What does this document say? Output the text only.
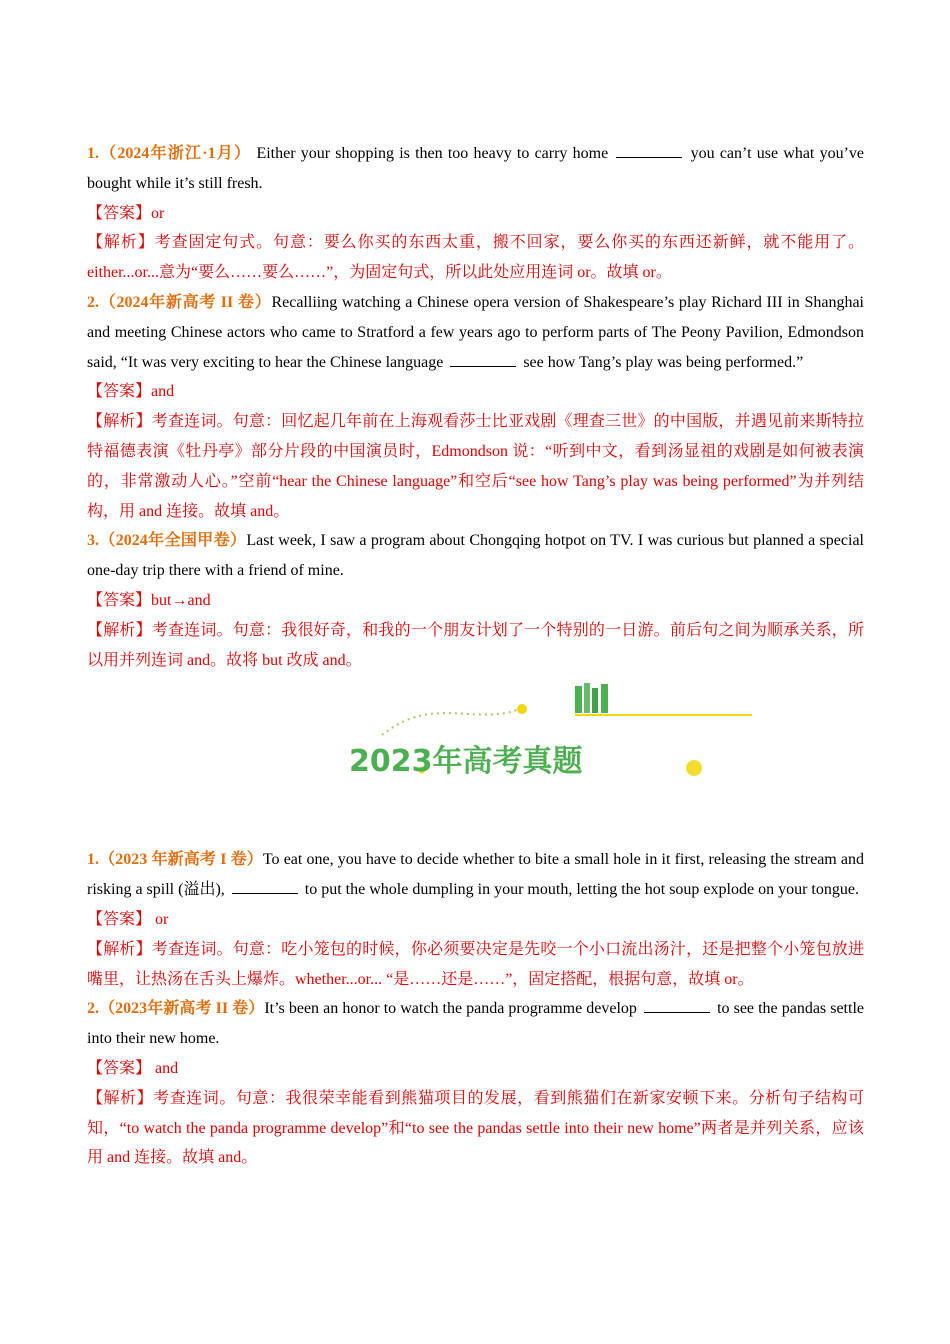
1.（2024年浙江·1月） Either your shopping is then too heavy to carry home	you can’t use what you’ve bought while it’s still fresh.

【答案】or

【解析】考查固定句式。句意：要么你买的东西太重，搬不回家，要么你买的东西还新鲜，就不能用了。either...or...意为“要么……要么……”，为固定句式，所以此处应用连词 or。故填 or。

2.（2024年新高考 II 卷）Recalliing watching a Chinese opera version of Shakespeare’s play Richard III in Shanghai and meeting Chinese actors who came to Stratford a few years ago to perform parts of The Peony Pavilion, Edmondson said, “It was very exciting to hear the Chinese language	see how Tang’s play was being performed.”

【答案】and

【解析】考查连词。句意：回忆起几年前在上海观看莎士比亚戏剧《理查三世》的中国版，并遇见前来斯特拉特福德表演《牡丹亭》部分片段的中国演员时，Edmondson 说：“听到中文，看到汤显祖的戏剧是如何被表演的，非常激动人心。”空前“hear the Chinese language”和空后“see how Tang’s play was being performed”为并列结构，用 and 连接。故填 and。

3.（2024年全国甲卷）Last week, I saw a program about Chongqing hotpot on TV. I was curious but planned a special one-day trip there with a friend of mine.

【答案】but→and

【解析】考查连词。句意：我很好奇，和我的一个朋友计划了一个特别的一日游。前后句之间为顺承关系，所以用并列连词 and。故将 but 改成 and。

2023年高考真题

1.（2023 年新高考 I 卷）To eat one, you have to decide whether to bite a small hole in it first, releasing the stream and risking a spill (溢出),	to put the whole dumpling in your mouth, letting the hot soup explode on your tongue.

【答案】 or

【解析】考查连词。句意：吃小笼包的时候，你必须要决定是先咬一个小口流出汤汁，还是把整个小笼包放进嘴里，让热汤在舌头上爆炸。whether...or... “是……还是……”，固定搭配，根据句意，故填 or。

2.（2023年新高考 II 卷）It’s been an honor to watch the panda programme develop	to see the pandas settle into their new home.

【答案】 and

【解析】考查连词。句意：我很荣幸能看到熊猫项目的发展，看到熊猫们在新家安顿下来。分析句子结构可知，“to watch the panda programme develop”和“to see the pandas settle into their new home”两者是并列关系，应该用 and 连接。故填 and。
